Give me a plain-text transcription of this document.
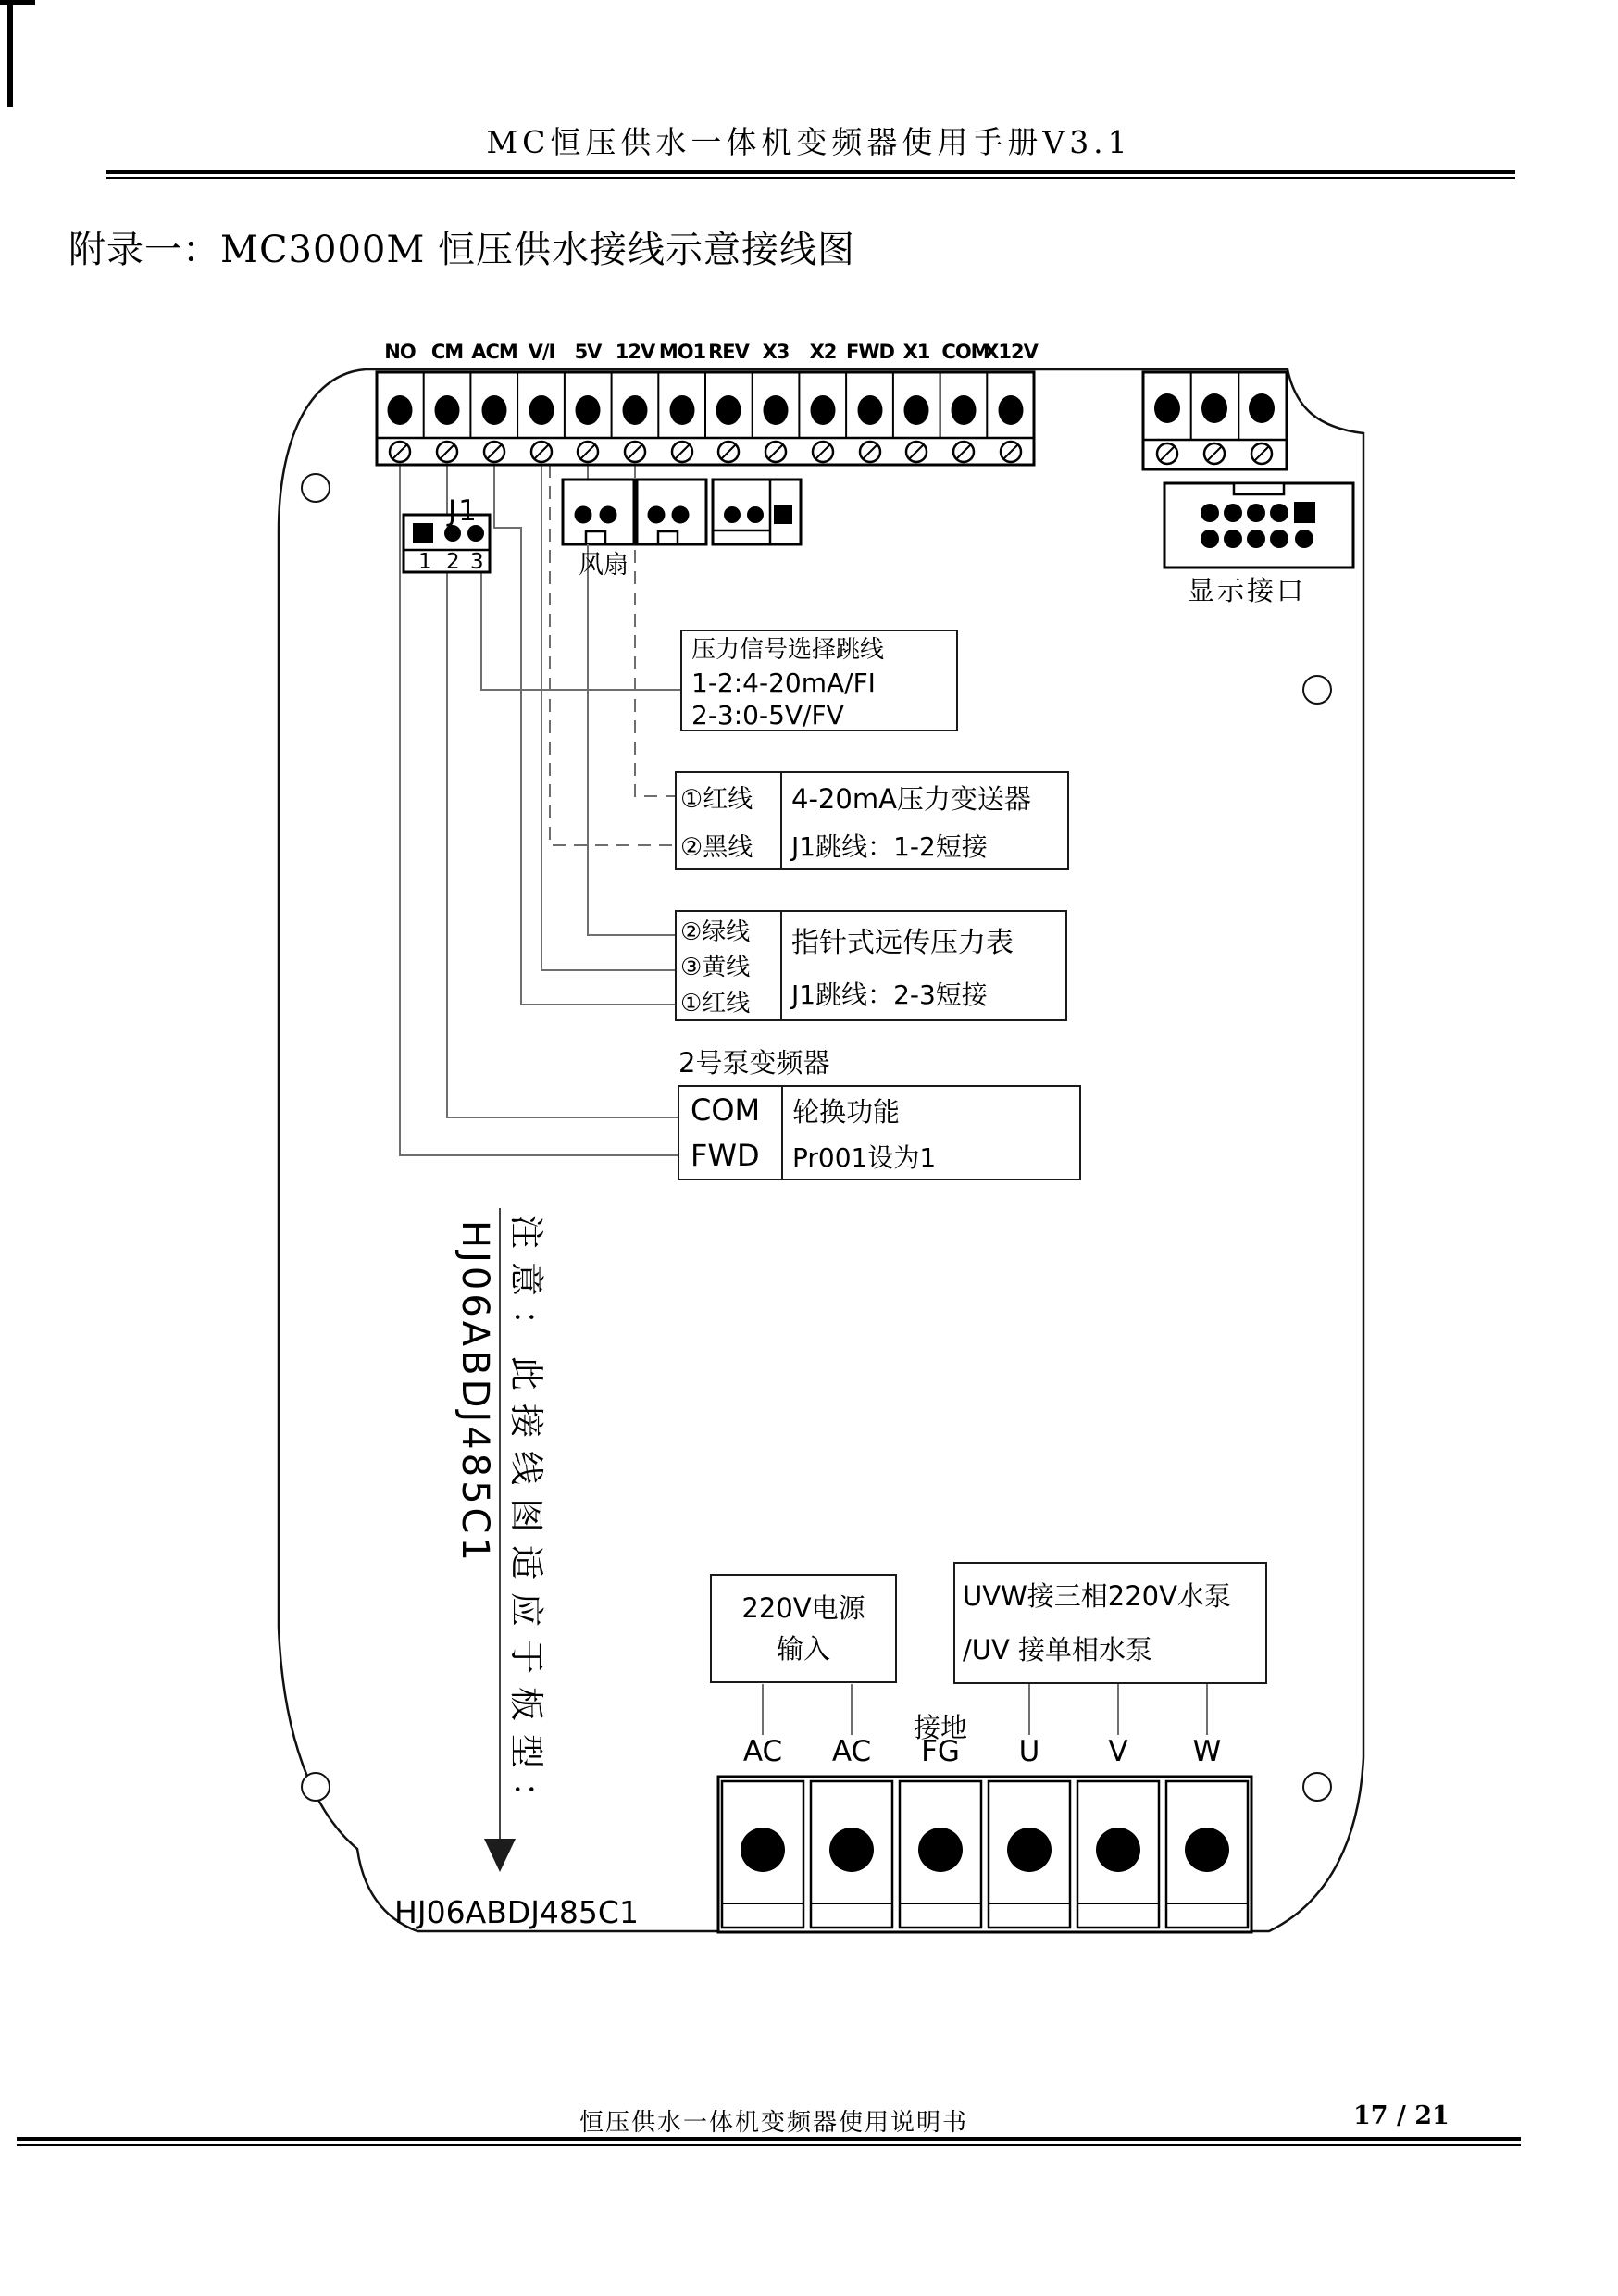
MC恒压供水一体机变频器使用手册V3.1
附录一：MC3000M 恒压供水接线示意接线图
NO CM ACM V/I 5V 12V MO1 REV X3 X2 FWD X1 COM
X12V
J1
1 2 3	风扇
显示接口
压力信号选择跳线
1-2:4-20mA/FI
2-3:0-5V/FV
①红线
②黑线
4-20mA压力变送器
J1跳线：1-2短接
②绿线
③黄线
①红线
指针式远传压力表
J1跳线：2-3短接
2号泵变频器
COM
FWD
轮换功能
Pr001设为1
注意：此接线图适应于板型：
HJ06ABDJ485C1
HJ06ABDJ485C1
220V电源
输入
UVW接三相220V水泵
/UV 接单相水泵
接地
AC AC FG U V W
恒压供水一体机变频器使用说明书	17 / 21
